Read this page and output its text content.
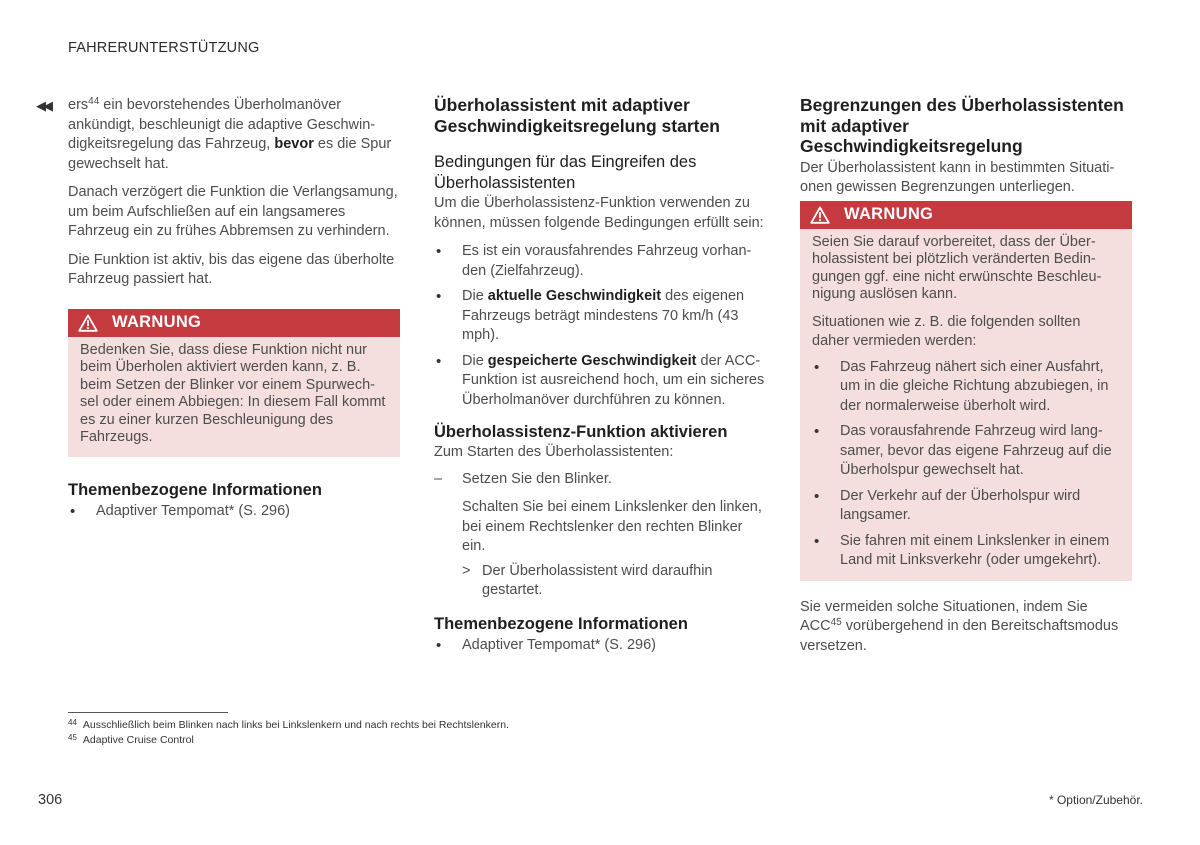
FAHRERUNTERSTÜTZUNG
◀◀ ers$^{44}$ ein bevorstehendes Überholmanöver ankündigt, beschleunigt die adaptive Geschwindigkeitsregelung das Fahrzeug, bevor es die Spur gewechselt hat.

Danach verzögert die Funktion die Verlangsamung, um beim Aufschließen auf ein langsameres Fahrzeug ein zu frühes Abbremsen zu verhindern.

Die Funktion ist aktiv, bis das eigene das überholte Fahrzeug passiert hat.

WARNUNG

Bedenken Sie, dass diese Funktion nicht nur beim Überholen aktiviert werden kann, z. B. beim Setzen der Blinker vor einem Spurwechsel oder einem Abbiegen: In diesem Fall kommt es zu einer kurzen Beschleunigung des Fahrzeugs.

Themenbezogene Informationen
• Adaptiver Tempomat* (S. 296)
Überholassistent mit adaptiver Geschwindigkeitsregelung starten
Bedingungen für das Eingreifen des Überholassistenten

Um die Überholassistenz-Funktion verwenden zu können, müssen folgende Bedingungen erfüllt sein:

• Es ist ein vorausfahrendes Fahrzeug vorhanden (Zielfahrzeug).
• Die aktuelle Geschwindigkeit des eigenen Fahrzeugs beträgt mindestens 70 km/h (43 mph).
• Die gespeicherte Geschwindigkeit der ACC-Funktion ist ausreichend hoch, um ein sicheres Überholmanöver durchführen zu können.
Überholassistenz-Funktion aktivieren

Zum Starten des Überholassistenten:

– Setzen Sie den Blinker.
Schalten Sie bei einem Linkslenker den linken, bei einem Rechtslenker den rechten Blinker ein.
> Der Überholassistent wird daraufhin gestartet.
Themenbezogene Informationen
• Adaptiver Tempomat* (S. 296)
Begrenzungen des Überholassistenten mit adaptiver Geschwindigkeitsregelung

Der Überholassistent kann in bestimmten Situationen gewissen Begrenzungen unterliegen.

WARNUNG

Seien Sie darauf vorbereitet, dass der Überholassistent bei plötzlich veränderten Bedingungen ggf. eine nicht erwünschte Beschleunigung auslösen kann.

Situationen wie z. B. die folgenden sollten daher vermieden werden:

• Das Fahrzeug nähert sich einer Ausfahrt, um in die gleiche Richtung abzubiegen, in der normalerweise überholt wird.
• Das vorausfahrende Fahrzeug wird langsamer, bevor das eigene Fahrzeug auf die Überholspur gewechselt hat.
• Der Verkehr auf der Überholspur wird langsamer.
• Sie fahren mit einem Linkslenker in einem Land mit Linksverkehr (oder umgekehrt).

Sie vermeiden solche Situationen, indem Sie ACC$^{45}$ vorübergehend in den Bereitschaftsmodus versetzen.

$^{44}$ Ausschließlich beim Blinken nach links bei Linkslenkern und nach rechts bei Rechtslenkern.
$^{45}$ Adaptive Cruise Control
306	* Option/Zubehör.
